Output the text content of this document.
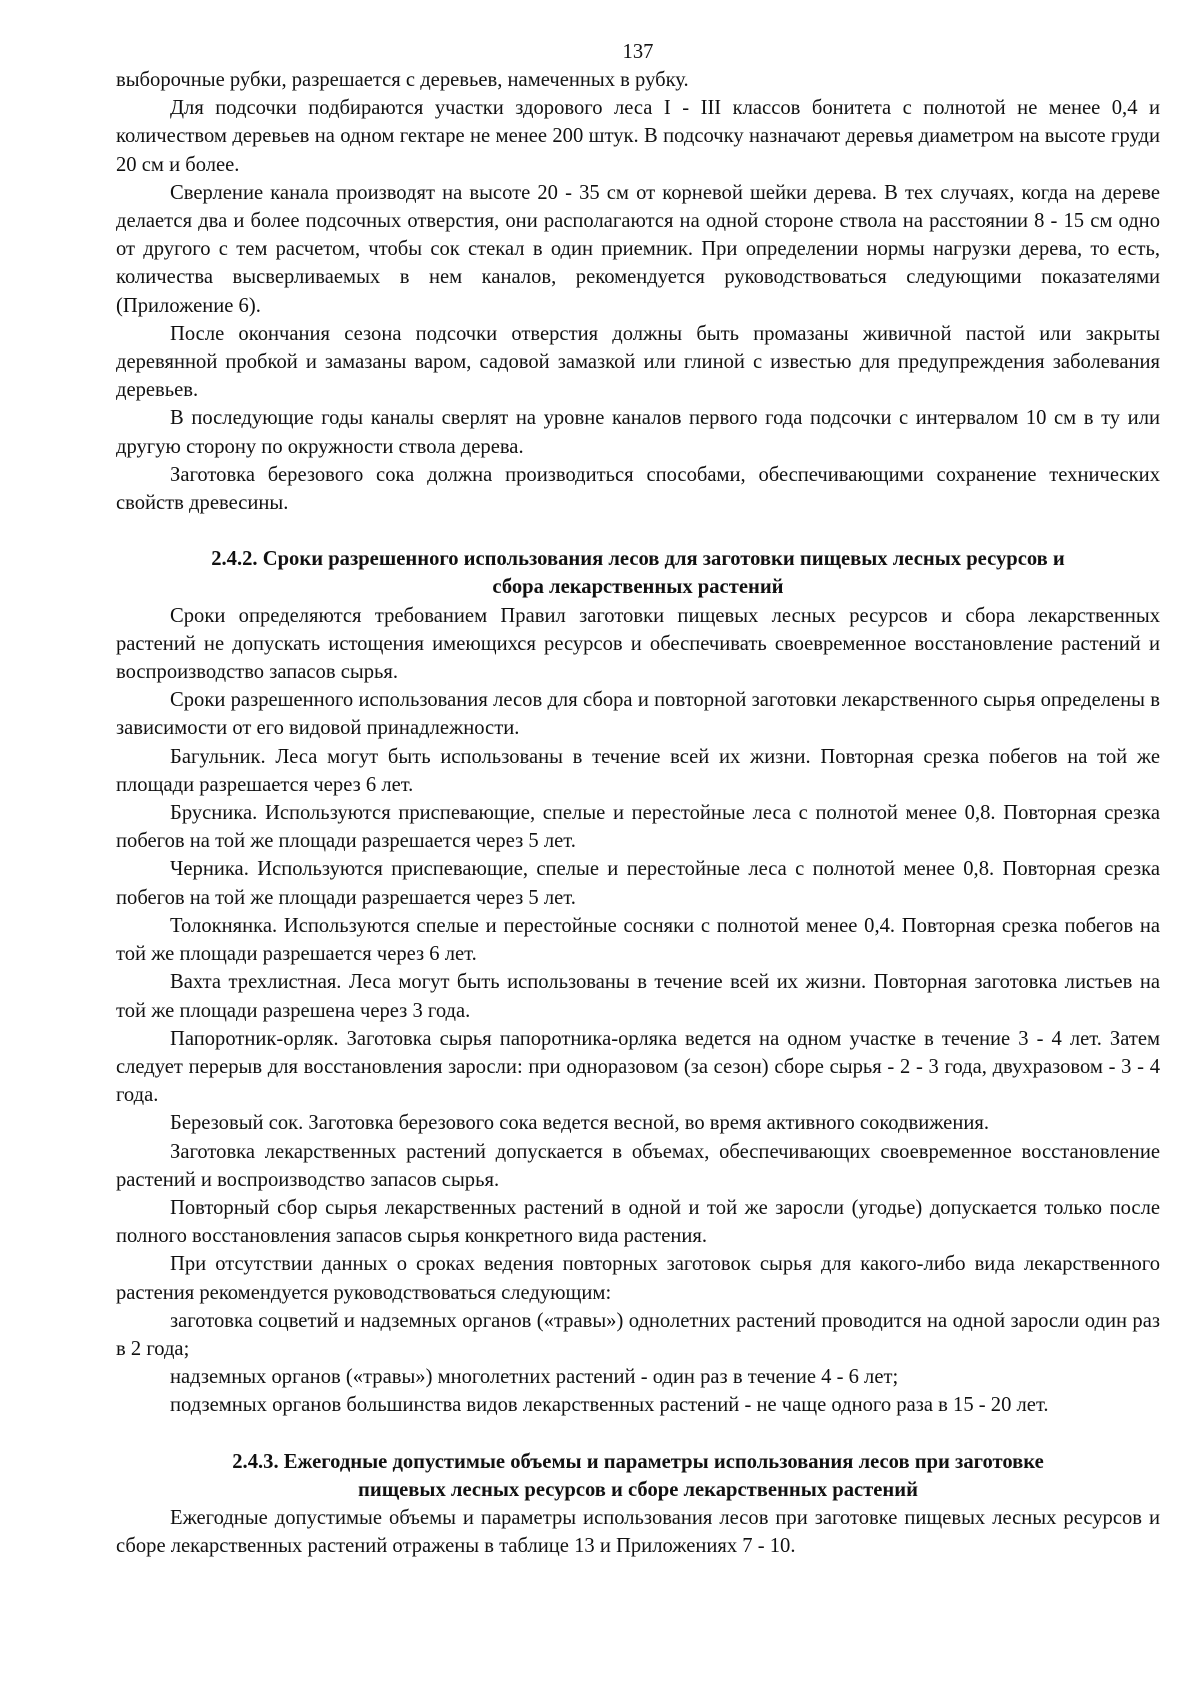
137

выборочные рубки, разрешается с деревьев, намеченных в рубку.

Для подсочки подбираются участки здорового леса I - III классов бонитета с полнотой не менее 0,4 и количеством деревьев на одном гектаре не менее 200 штук. В подсочку назначают деревья диаметром на высоте груди 20 см и более.

Сверление канала производят на высоте 20 - 35 см от корневой шейки дерева. В тех случаях, когда на дереве делается два и более подсочных отверстия, они располагаются на одной стороне ствола на расстоянии 8 - 15 см одно от другого с тем расчетом, чтобы сок стекал в один приемник. При определении нормы нагрузки дерева, то есть, количества высверливаемых в нем каналов, рекомендуется руководствоваться следующими показателями (Приложение 6).

После окончания сезона подсочки отверстия должны быть промазаны живичной пастой или закрыты деревянной пробкой и замазаны варом, садовой замазкой или глиной с известью для предупреждения заболевания деревьев.

В последующие годы каналы сверлят на уровне каналов первого года подсочки с интервалом 10 см в ту или другую сторону по окружности ствола дерева.

Заготовка березового сока должна производиться способами, обеспечивающими сохранение технических свойств древесины.

2.4.2. Сроки разрешенного использования лесов для заготовки пищевых лесных ресурсов и
сбора лекарственных растений

Сроки определяются требованием Правил заготовки пищевых лесных ресурсов и сбора лекарственных растений не допускать истощения имеющихся ресурсов и обеспечивать своевременное восстановление растений и воспроизводство запасов сырья.

Сроки разрешенного использования лесов для сбора и повторной заготовки лекарственного сырья определены в зависимости от его видовой принадлежности.

Багульник. Леса могут быть использованы в течение всей их жизни. Повторная срезка побегов на той же площади разрешается через 6 лет.

Брусника. Используются приспевающие, спелые и перестойные леса с полнотой менее 0,8. Повторная срезка побегов на той же площади разрешается через 5 лет.

Черника. Используются приспевающие, спелые и перестойные леса с полнотой менее 0,8. Повторная срезка побегов на той же площади разрешается через 5 лет.

Толокнянка. Используются спелые и перестойные сосняки с полнотой менее 0,4. Повторная срезка побегов на той же площади разрешается через 6 лет.

Вахта трехлистная. Леса могут быть использованы в течение всей их жизни. Повторная заготовка листьев на той же площади разрешена через 3 года.

Папоротник-орляк. Заготовка сырья папоротника-орляка ведется на одном участке в течение 3 - 4 лет. Затем следует перерыв для восстановления заросли: при одноразовом (за сезон) сборе сырья - 2 - 3 года, двухразовом - 3 - 4 года.

Березовый сок. Заготовка березового сока ведется весной, во время активного сокодвижения.

Заготовка лекарственных растений допускается в объемах, обеспечивающих своевременное восстановление растений и воспроизводство запасов сырья.

Повторный сбор сырья лекарственных растений в одной и той же заросли (угодье) допускается только после полного восстановления запасов сырья конкретного вида растения.

При отсутствии данных о сроках ведения повторных заготовок сырья для какого-либо вида лекарственного растения рекомендуется руководствоваться следующим:

заготовка соцветий и надземных органов («травы») однолетних растений проводится на одной заросли один раз в 2 года;

надземных органов («травы») многолетних растений - один раз в течение 4 - 6 лет;

подземных органов большинства видов лекарственных растений - не чаще одного раза в 15 - 20 лет.

2.4.3. Ежегодные допустимые объемы и параметры использования лесов при заготовке
пищевых лесных ресурсов и сборе лекарственных растений

Ежегодные допустимые объемы и параметры использования лесов при заготовке пищевых лесных ресурсов и сборе лекарственных растений отражены в таблице 13 и Приложениях 7 - 10.
